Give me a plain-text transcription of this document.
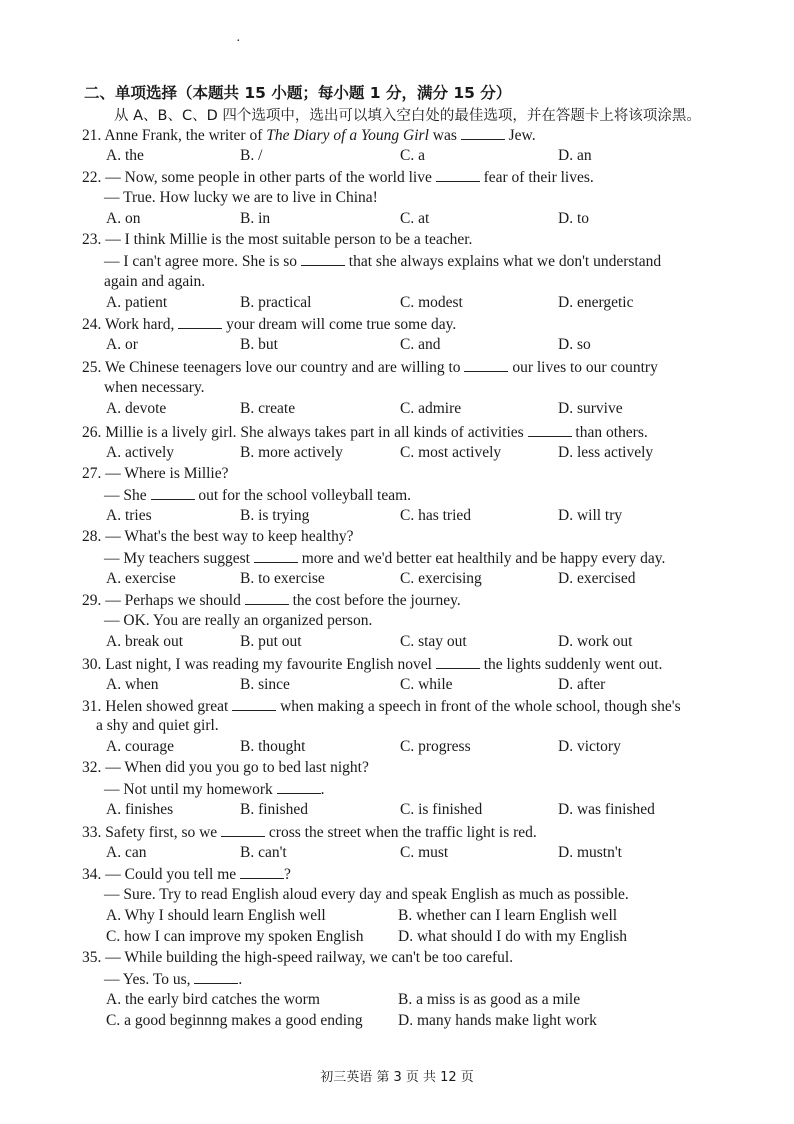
·
二、单项选择（本题共 15 小题；每小题 1 分，满分 15 分）
从 A、B、C、D 四个选项中，选出可以填入空白处的最佳选项，并在答题卡上将该项涂黑。
21. Anne Frank, the writer of The Diary of a Young Girl was	Jew.
A. the	B. /	C. a	D. an
22. — Now, some people in other parts of the world live	fear of their lives.
— True. How lucky we are to live in China!
A. on	B. in	C. at	D. to
23. — I think Millie is the most suitable person to be a teacher.
— I can't agree more. She is so	that she always explains what we don't understand
again and again.
A. patient	B. practical	C. modest	D. energetic
24. Work hard,	your dream will come true some day.
A. or	B. but	C. and	D. so
25. We Chinese teenagers love our country and are willing to	our lives to our country
when necessary.
A. devote	B. create	C. admire	D. survive
26. Millie is a lively girl. She always takes part in all kinds of activities	than others.
A. actively	B. more actively	C. most actively	D. less actively
27. — Where is Millie?
— She	out for the school volleyball team.
A. tries	B. is trying	C. has tried	D. will try
28. — What's the best way to keep healthy?
— My teachers suggest	more and we'd better eat healthily and be happy every day.
A. exercise	B. to exercise	C. exercising	D. exercised
29. — Perhaps we should	the cost before the journey.
— OK. You are really an organized person.
A. break out	B. put out	C. stay out	D. work out
30. Last night, I was reading my favourite English novel	the lights suddenly went out.
A. when	B. since	C. while	D. after
31. Helen showed great	when making a speech in front of the whole school, though she's
a shy and quiet girl.
A. courage	B. thought	C. progress	D. victory
32. — When did you you go to bed last night?
— Not until my homework	.
A. finishes	B. finished	C. is finished	D. was finished
33. Safety first, so we	cross the street when the traffic light is red.
A. can	B. can't	C. must	D. mustn't
34. — Could you tell me	?
— Sure. Try to read English aloud every day and speak English as much as possible.
A. Why I should learn English well	B. whether can I learn English well
C. how I can improve my spoken English D. what should I do with my English
35. — While building the high-speed railway, we can't be too careful.
— Yes. To us,	.
A. the early bird catches the worm	B. a miss is as good as a mile
C. a good beginnng makes a good ending D. many hands make light work
初三英语 第 3 页 共 12 页
